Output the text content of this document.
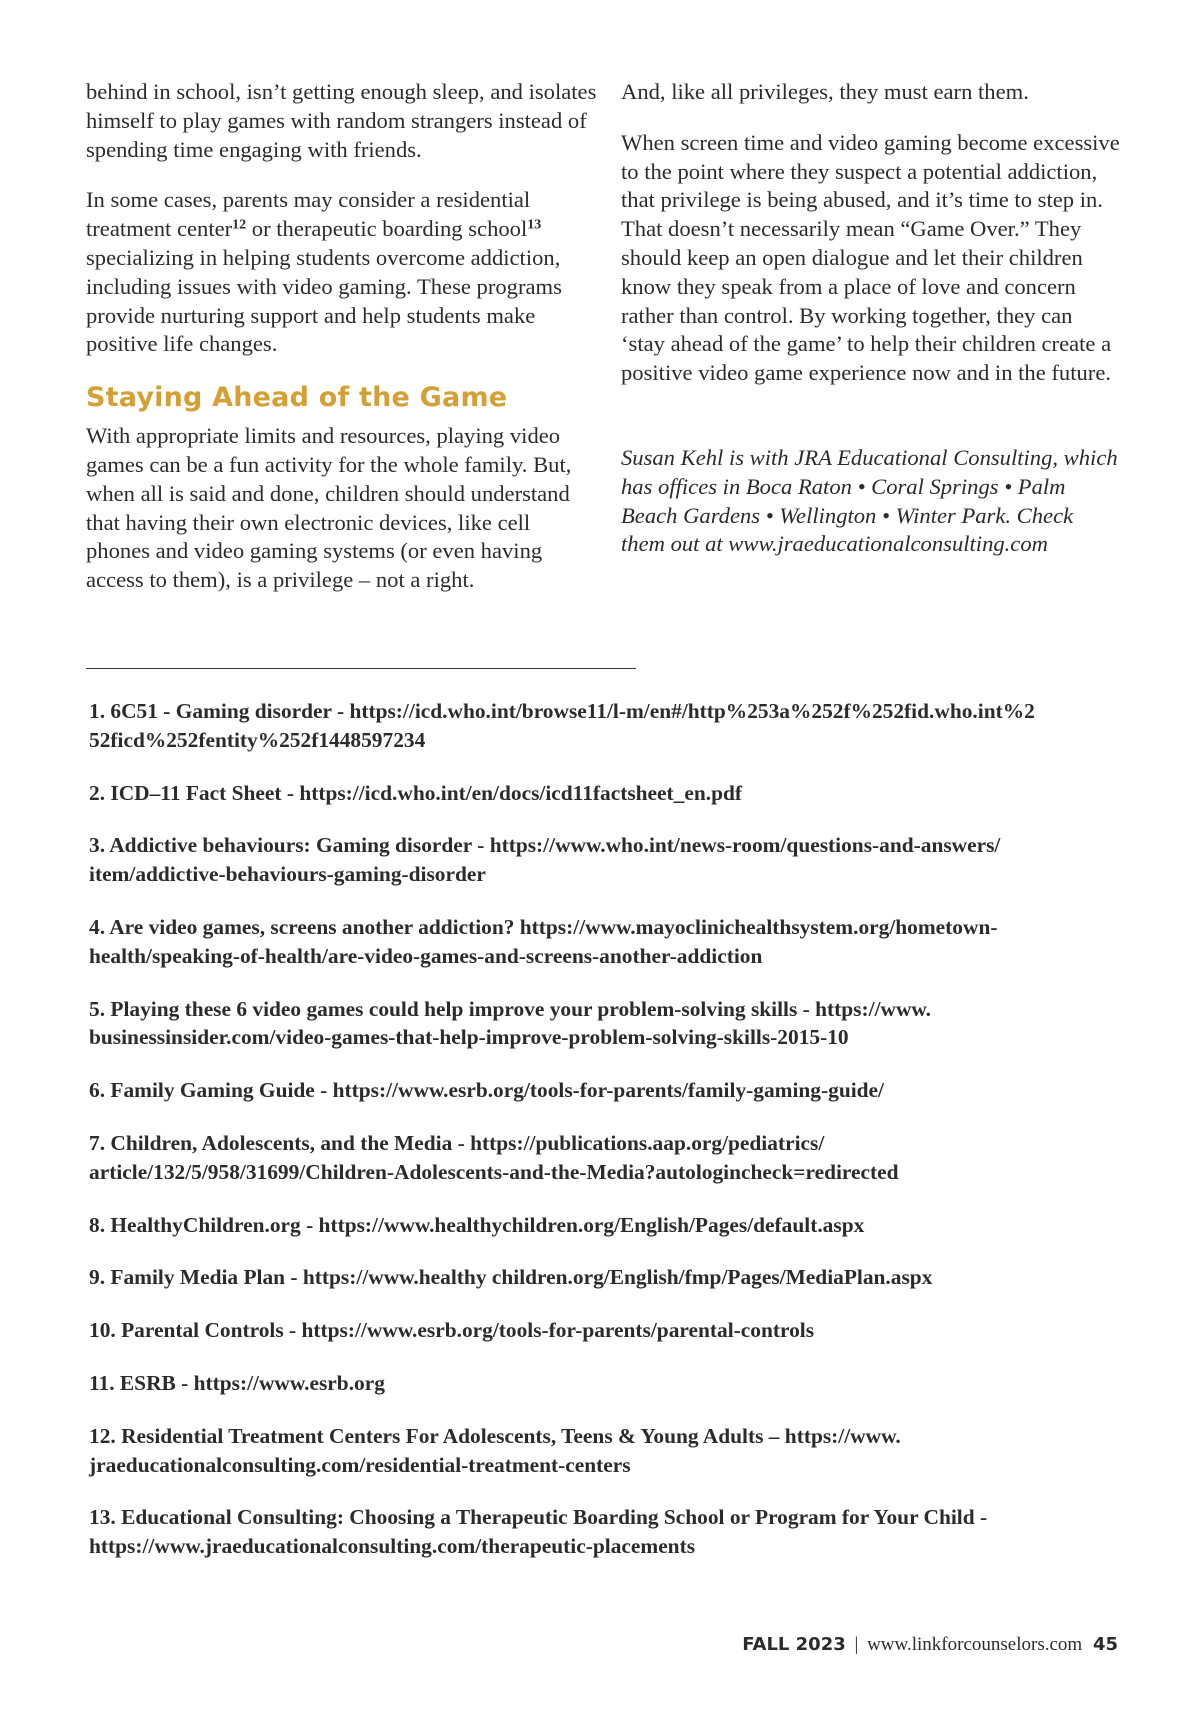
behind in school, isn’t getting enough sleep, and isolates himself to play games with random strangers instead of spending time engaging with friends.

In some cases, parents may consider a residential treatment center$^{12}$ or therapeutic boarding school$^{13}$ specializing in helping students overcome addiction, including issues with video gaming. These programs provide nurturing support and help students make positive life changes.

Staying Ahead of the Game

With appropriate limits and resources, playing video games can be a fun activity for the whole family. But, when all is said and done, children should understand that having their own electronic devices, like cell phones and video gaming systems (or even having access to them), is a privilege – not a right.

And, like all privileges, they must earn them.

When screen time and video gaming become excessive to the point where they suspect a potential addiction, that privilege is being abused, and it’s time to step in. That doesn’t necessarily mean “Game Over.” They should keep an open dialogue and let their children know they speak from a place of love and concern rather than control. By working together, they can ‘stay ahead of the game’ to help their children create a positive video game experience now and in the future.

Susan Kehl is with JRA Educational Consulting, which has offices in Boca Raton • Coral Springs • Palm Beach Gardens • Wellington • Winter Park. Check them out at www.jraeducationalconsulting.com

1. 6C51 - Gaming disorder - https://icd.who.int/browse11/l-m/en#/http%253a%252f%252fid.who.int%2
52ficd%252fentity%252f1448597234
2. ICD–11 Fact Sheet - https://icd.who.int/en/docs/icd11factsheet_en.pdf
3. Addictive behaviours: Gaming disorder - https://www.who.int/news-room/questions-and-answers/
item/addictive-behaviours-gaming-disorder
4. Are video games, screens another addiction? https://www.mayoclinichealthsystem.org/hometown-
health/speaking-of-health/are-video-games-and-screens-another-addiction
5. Playing these 6 video games could help improve your problem-solving skills - https://www.
businessinsider.com/video-games-that-help-improve-problem-solving-skills-2015-10
6. Family Gaming Guide - https://www.esrb.org/tools-for-parents/family-gaming-guide/
7. Children, Adolescents, and the Media - https://publications.aap.org/pediatrics/
article/132/5/958/31699/Children-Adolescents-and-the-Media?autologincheck=redirected
8. HealthyChildren.org - https://www.healthychildren.org/English/Pages/default.aspx
9. Family Media Plan - https://www.healthy children.org/English/fmp/Pages/MediaPlan.aspx
10. Parental Controls - https://www.esrb.org/tools-for-parents/parental-controls
11. ESRB - https://www.esrb.org
12. Residential Treatment Centers For Adolescents, Teens & Young Adults – https://www.
jraeducationalconsulting.com/residential-treatment-centers
13. Educational Consulting: Choosing a Therapeutic Boarding School or Program for Your Child -
https://www.jraeducationalconsulting.com/therapeutic-placements
FALL 2023 | www.linkforcounselors.com 45
